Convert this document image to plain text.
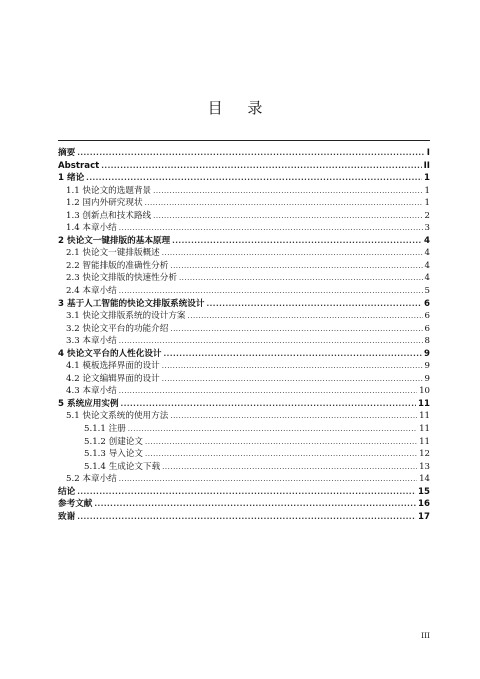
目 录
摘要 .....	I
Abstract .....	II
1 绪论 .....	1
1.1 快论文的选题背景 .....	1
1.2 国内外研究现状 .....	1
1.3 创新点和技术路线 .....	2
1.4 本章小结 .....	3
2 快论文一键排版的基本原理 .....	4
2.1 快论文一键排版概述 .....	4
2.2 智能排版的准确性分析 .....	4
2.3 快论文排版的快速性分析 .....	4
2.4 本章小结 .....	5
3 基于人工智能的快论文排版系统设计 .....	6
3.1 快论文排版系统的设计方案 .....	6
3.2 快论文平台的功能介绍 .....	6
3.3 本章小结 .....	8
4 快论文平台的人性化设计 .....	9
4.1 模板选择界面的设计 .....	9
4.2 论文编辑界面的设计 .....	9
4.3 本章小结 .....	10
5 系统应用实例 .....	11
5.1 快论文系统的使用方法 .....	11
5.1.1 注册 .....	11
5.1.2 创建论文 .....	11
5.1.3 导入论文 .....	12
5.1.4 生成论文下载 .....	13
5.2 本章小结 .....	14
结论 .....	15
参考文献 .....	16
致谢 .....	17
III
